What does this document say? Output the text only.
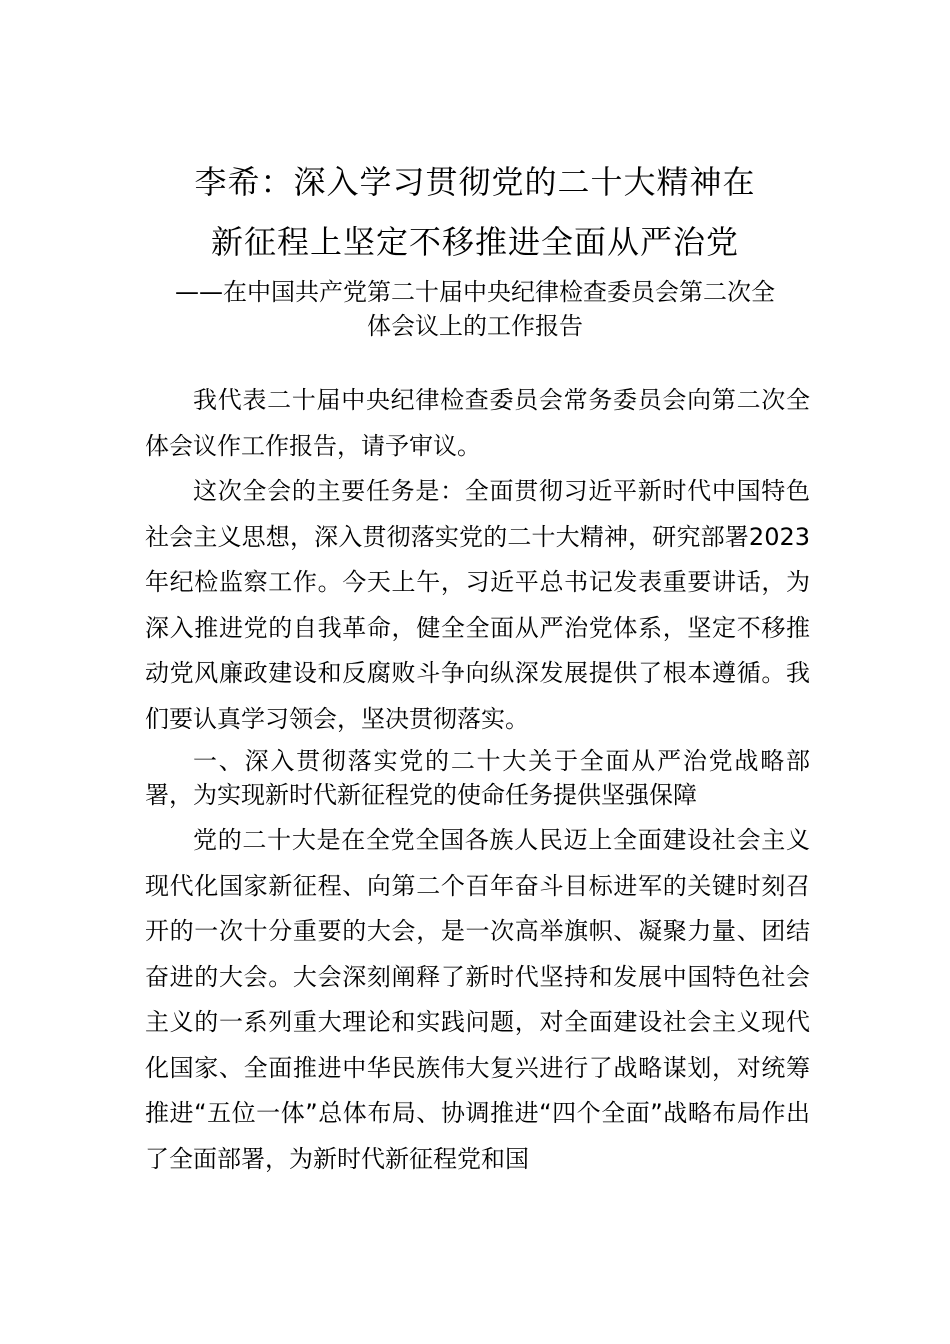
李希：深入学习贯彻党的二十大精神在
新征程上坚定不移推进全面从严治党
——在中国共产党第二十届中央纪律检查委员会第二次全
体会议上的工作报告

我代表二十届中央纪律检查委员会常务委员会向第二次全体会议作工作报告，请予审议。

这次全会的主要任务是：全面贯彻习近平新时代中国特色社会主义思想，深入贯彻落实党的二十大精神，研究部署2023年纪检监察工作。今天上午，习近平总书记发表重要讲话，为深入推进党的自我革命，健全全面从严治党体系，坚定不移推动党风廉政建设和反腐败斗争向纵深发展提供了根本遵循。我们要认真学习领会，坚决贯彻落实。

一、深入贯彻落实党的二十大关于全面从严治党战略部署，为实现新时代新征程党的使命任务提供坚强保障

党的二十大是在全党全国各族人民迈上全面建设社会主义现代化国家新征程、向第二个百年奋斗目标进军的关键时刻召开的一次十分重要的大会，是一次高举旗帜、凝聚力量、团结奋进的大会。大会深刻阐释了新时代坚持和发展中国特色社会主义的一系列重大理论和实践问题，对全面建设社会主义现代化国家、全面推进中华民族伟大复兴进行了战略谋划，对统筹推进“五位一体”总体布局、协调推进“四个全面”战略布局作出了全面部署，为新时代新征程党和国
